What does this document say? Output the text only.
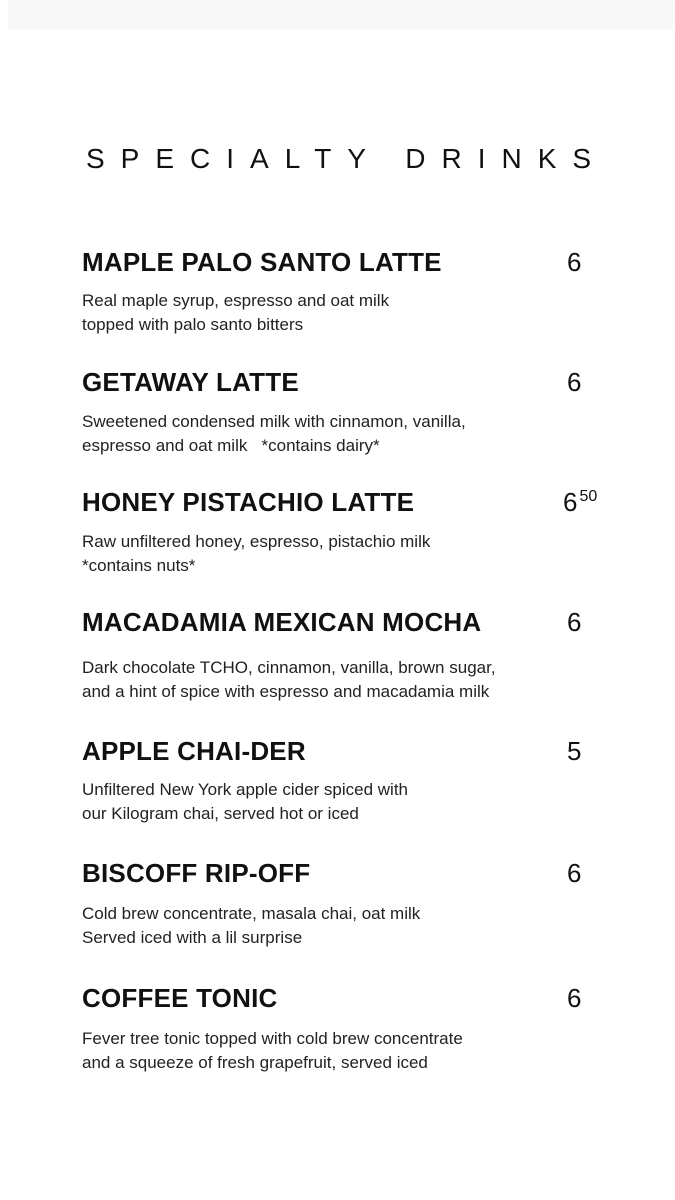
SPECIALTY DRINKS
MAPLE PALO SANTO LATTE	6
Real maple syrup, espresso and oat milk
topped with palo santo bitters
GETAWAY LATTE	6
Sweetened condensed milk with cinnamon, vanilla,
espresso and oat milk   *contains dairy*
HONEY PISTACHIO LATTE	6 $^{50}$
Raw unfiltered honey, espresso, pistachio milk
*contains nuts*
MACADAMIA MEXICAN MOCHA	6
Dark chocolate TCHO, cinnamon, vanilla, brown sugar,
and a hint of spice with espresso and macadamia milk
APPLE CHAI-DER	5
Unfiltered New York apple cider spiced with
our Kilogram chai, served hot or iced
BISCOFF RIP-OFF	6
Cold brew concentrate, masala chai, oat milk
Served iced with a lil surprise
COFFEE TONIC	6
Fever tree tonic topped with cold brew concentrate
and a squeeze of fresh grapefruit, served iced
